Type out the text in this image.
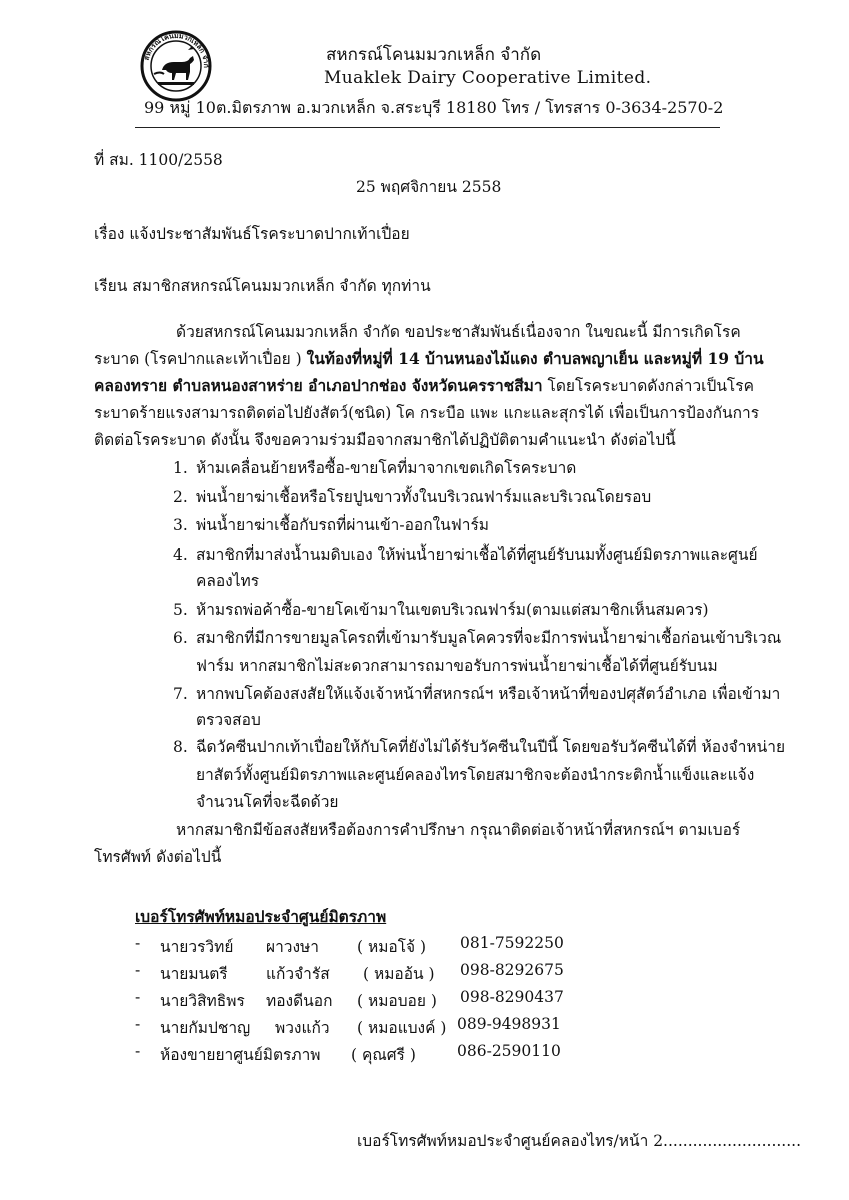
สหกรณ์โคนมมวกเหล็ก จำกั
สหกรณ์โคนมมวกเหล็ก จำกัด
Muaklek Dairy Cooperative Limited.
99 หมู่ 10ต.มิตรภาพ อ.มวกเหล็ก จ.สระบุรี 18180 โทร / โทรสาร 0-3634-2570-2
ที่ สม. 1100/2558
25 พฤศจิกายน 2558
เรื่อง แจ้งประชาสัมพันธ์โรคระบาดปากเท้าเปื่อย
เรียน สมาชิกสหกรณ์โคนมมวกเหล็ก จำกัด ทุกท่าน
ด้วยสหกรณ์โคนมมวกเหล็ก จำกัด ขอประชาสัมพันธ์เนื่องจาก ในขณะนี้ มีการเกิดโรค
ระบาด (โรคปากและเท้าเปื่อย ) ในท้องที่หมู่ที่ 14 บ้านหนองไม้แดง ตำบลพญาเย็น และหมู่ที่ 19 บ้าน
คลองทราย ตำบลหนองสาหร่าย อำเภอปากช่อง จังหวัดนครราชสีมา โดยโรคระบาดดังกล่าวเป็นโรค
ระบาดร้ายแรงสามารถติดต่อไปยังสัตว์(ชนิด) โค กระบือ แพะ แกะและสุกรได้ เพื่อเป็นการป้องกันการ
ติดต่อโรคระบาด ดังนั้น จึงขอความร่วมมือจากสมาชิกได้ปฏิบัติตามคำแนะนำ ดังต่อไปนี้
1. ห้ามเคลื่อนย้ายหรือซื้อ-ขายโคที่มาจากเขตเกิดโรคระบาด
2. พ่นน้ำยาฆ่าเชื้อหรือโรยปูนขาวทั้งในบริเวณฟาร์มและบริเวณโดยรอบ
3. พ่นน้ำยาฆ่าเชื้อกับรถที่ผ่านเข้า-ออกในฟาร์ม
4. สมาชิกที่มาส่งน้ำนมดิบเอง ให้พ่นน้ำยาฆ่าเชื้อได้ที่ศูนย์รับนมทั้งศูนย์มิตรภาพและศูนย์
คลองไทร
5. ห้ามรถพ่อค้าซื้อ-ขายโคเข้ามาในเขตบริเวณฟาร์ม(ตามแต่สมาชิกเห็นสมควร)
6. สมาชิกที่มีการขายมูลโครถที่เข้ามารับมูลโคควรที่จะมีการพ่นน้ำยาฆ่าเชื้อก่อนเข้าบริเวณ
ฟาร์ม หากสมาชิกไม่สะดวกสามารถมาขอรับการพ่นน้ำยาฆ่าเชื้อได้ที่ศูนย์รับนม
7. หากพบโคต้องสงสัยให้แจ้งเจ้าหน้าที่สหกรณ์ฯ หรือเจ้าหน้าที่ของปศุสัตว์อำเภอ เพื่อเข้ามา
ตรวจสอบ
8. ฉีดวัคซีนปากเท้าเปื่อยให้กับโคที่ยังไม่ได้รับวัคซีนในปีนี้ โดยขอรับวัคซีนได้ที่ ห้องจำหน่าย
ยาสัตว์ทั้งศูนย์มิตรภาพและศูนย์คลองไทรโดยสมาชิกจะต้องนำกระติกน้ำแข็งและแจ้ง
จำนวนโคที่จะฉีดด้วย
หากสมาชิกมีข้อสงสัยหรือต้องการคำปรึกษา กรุณาติดต่อเจ้าหน้าที่สหกรณ์ฯ ตามเบอร์
โทรศัพท์ ดังต่อไปนี้
เบอร์โทรศัพท์หมอประจำศูนย์มิตรภาพ
- นายวรวิทย์ ผาวงษา ( หมอโจ้ ) 081-7592250
- นายมนตรี แก้วจำรัส ( หมออ้น ) 098-8292675
- นายวิสิทธิพร ทองดีนอก ( หมอบอย ) 098-8290437
- นายกัมปชาญ พวงแก้ว ( หมอแบงค์ ) 089-9498931
- ห้องขายยาศูนย์มิตรภาพ ( คุณศรี )	086-2590110
เบอร์โทรศัพท์หมอประจำศูนย์คลองไทร/หน้า 2............................
